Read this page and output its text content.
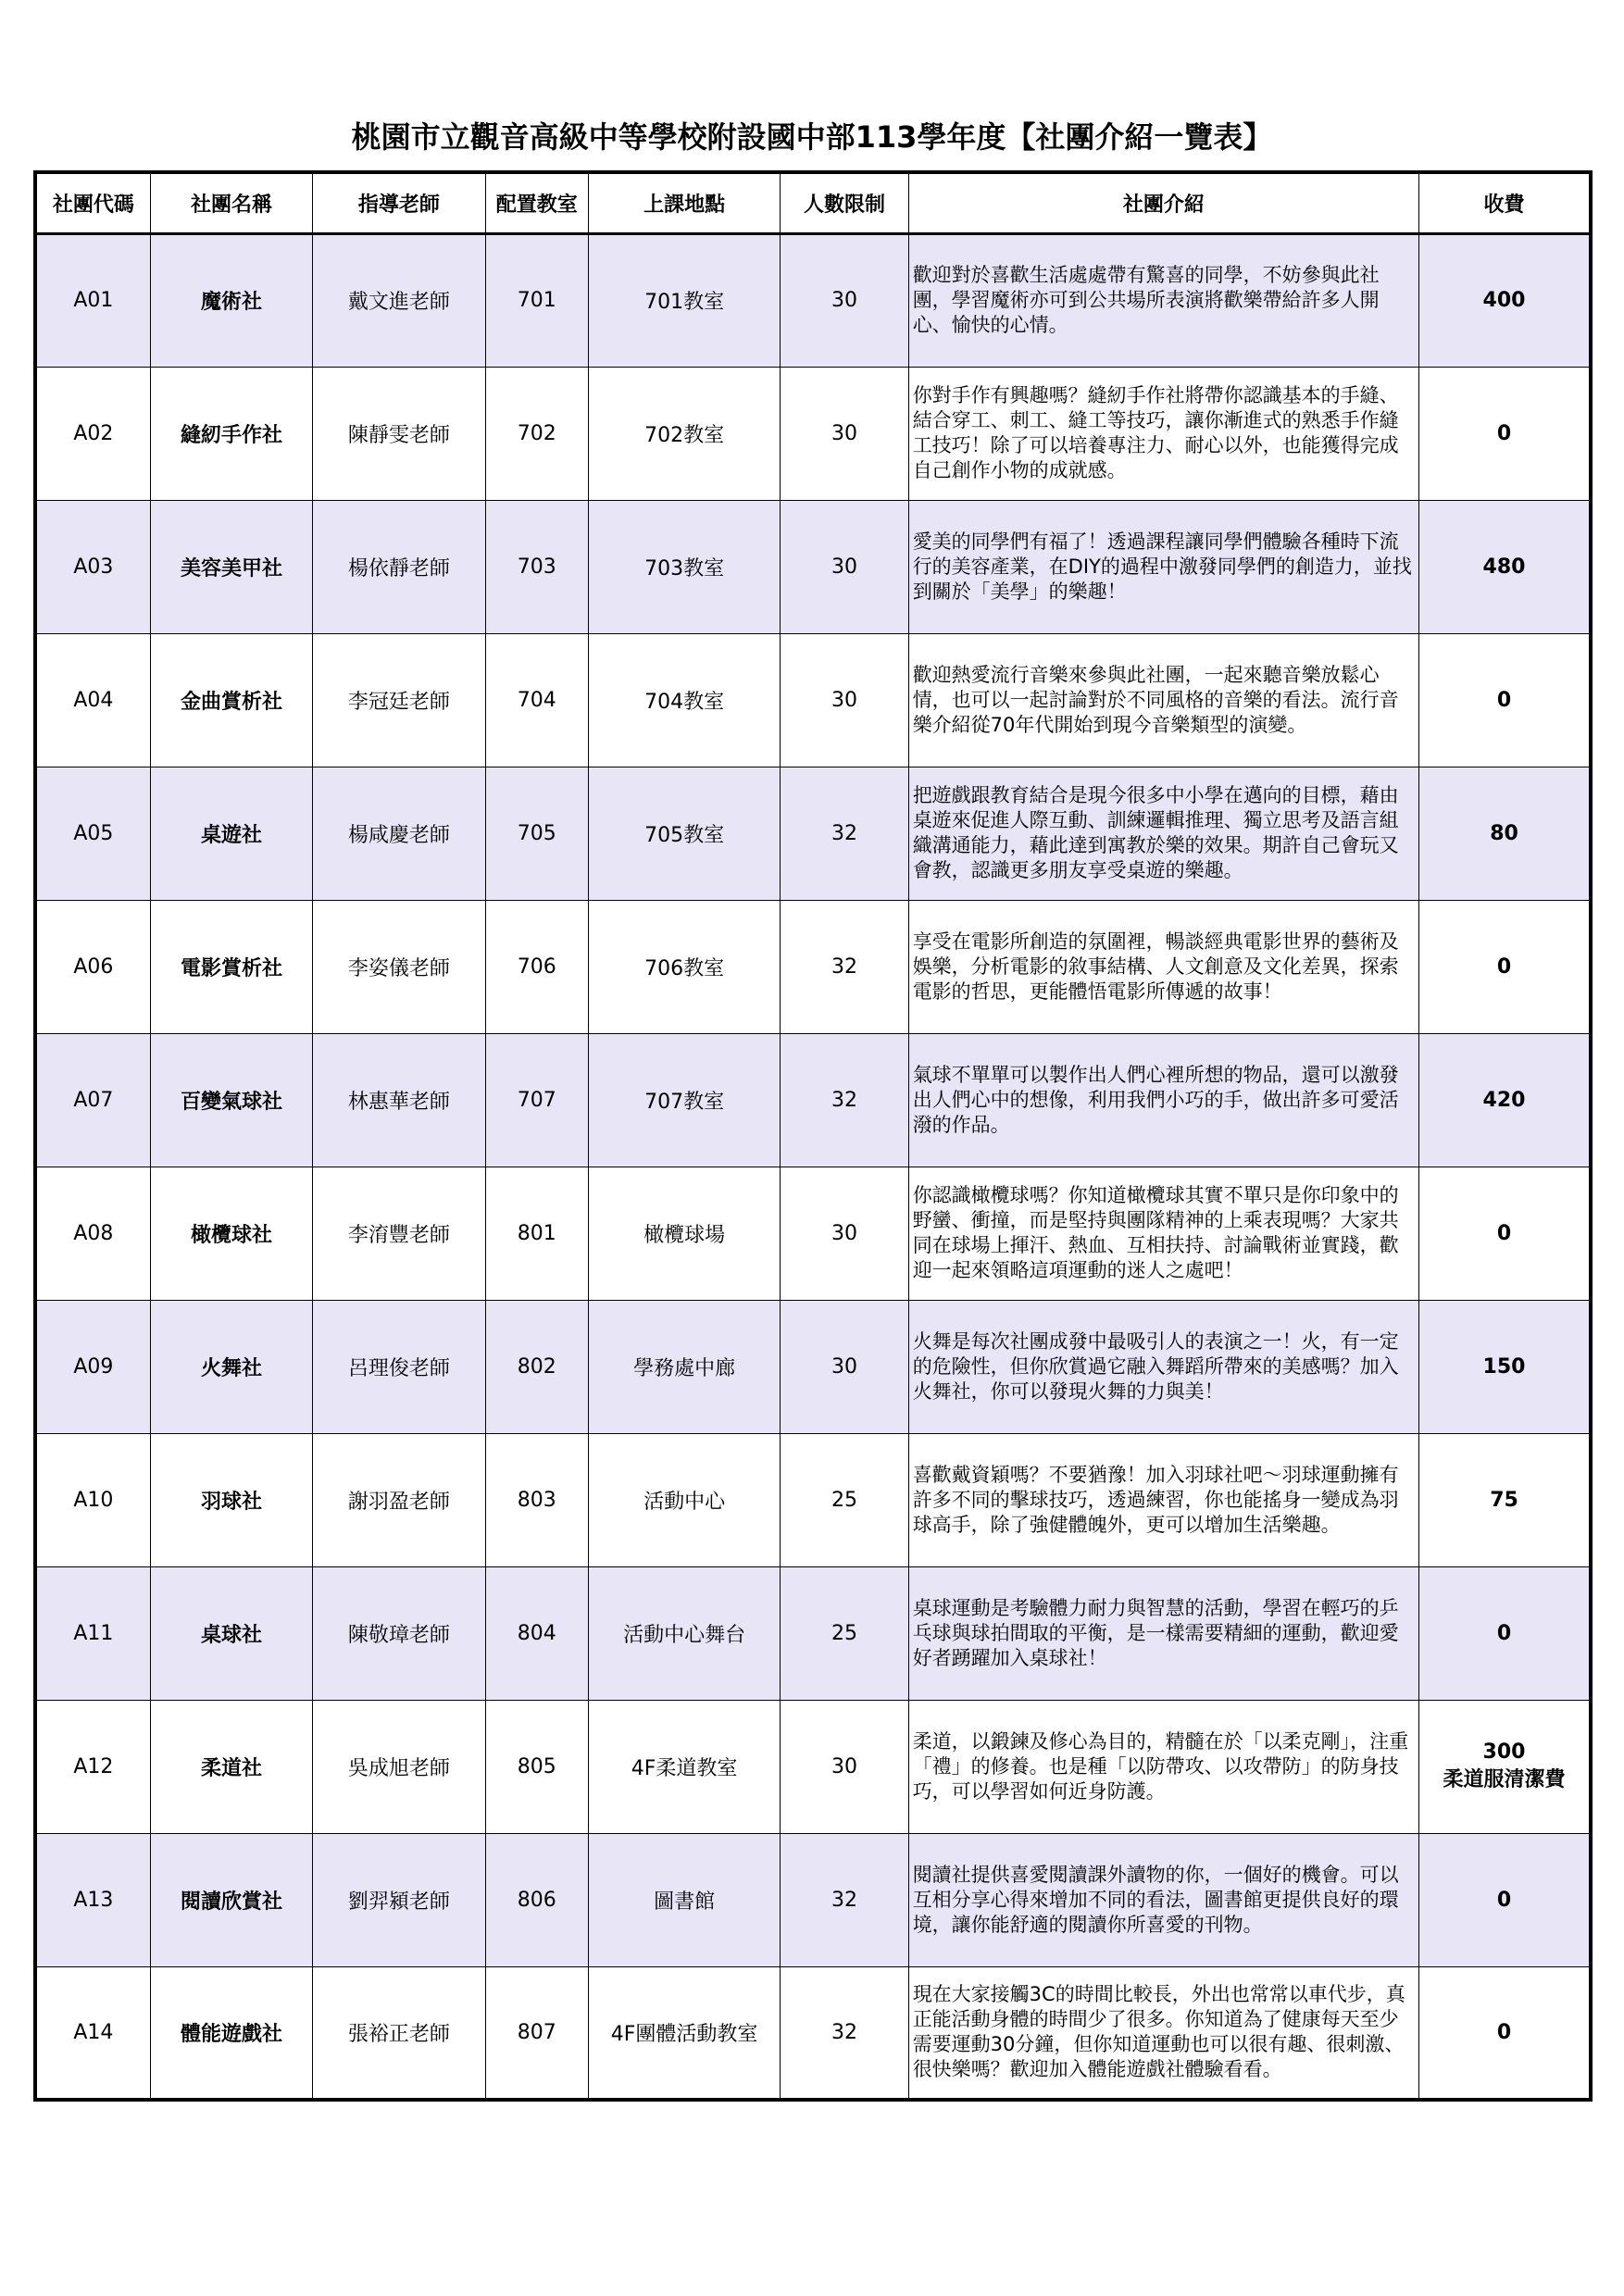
桃園市立觀音高級中等學校附設國中部113學年度【社團介紹一覽表】
社團代碼	社團名稱	指導老師	配置教室	上課地點	人數限制	社團介紹	收費
A01	魔術社	戴文進老師	701	701教室	30	歡迎對於喜歡生活處處帶有驚喜的同學，不妨參與此社團，學習魔術亦可到公共場所表演將歡樂帶給許多人開心、愉快的心情。	400
A02	縫紉手作社	陳靜雯老師	702	702教室	30	你對手作有興趣嗎？縫紉手作社將帶你認識基本的手縫、結合穿工、刺工、縫工等技巧，讓你漸進式的熟悉手作縫工技巧！除了可以培養專注力、耐心以外，也能獲得完成自己創作小物的成就感。	0
A03	美容美甲社	楊依靜老師	703	703教室	30	愛美的同學們有福了！透過課程讓同學們體驗各種時下流行的美容產業，在DIY的過程中激發同學們的創造力，並找到關於「美學」的樂趣！	480
A04	金曲賞析社	李冠廷老師	704	704教室	30	歡迎熱愛流行音樂來參與此社團，一起來聽音樂放鬆心情，也可以一起討論對於不同風格的音樂的看法。流行音樂介紹從70年代開始到現今音樂類型的演變。	0
A05	桌遊社	楊咸慶老師	705	705教室	32	把遊戲跟教育結合是現今很多中小學在邁向的目標，藉由桌遊來促進人際互動、訓練邏輯推理、獨立思考及語言組織溝通能力，藉此達到寓教於樂的效果。期許自己會玩又會教，認識更多朋友享受桌遊的樂趣。	80
A06	電影賞析社	李姿儀老師	706	706教室	32	享受在電影所創造的氛圍裡，暢談經典電影世界的藝術及娛樂，分析電影的敘事結構、人文創意及文化差異，探索電影的哲思，更能體悟電影所傳遞的故事！	0
A07	百變氣球社	林惠華老師	707	707教室	32	氣球不單單可以製作出人們心裡所想的物品，還可以激發出人們心中的想像，利用我們小巧的手，做出許多可愛活潑的作品。	420
A08	橄欖球社	李淯豐老師	801	橄欖球場	30	你認識橄欖球嗎？你知道橄欖球其實不單只是你印象中的野蠻、衝撞，而是堅持與團隊精神的上乘表現嗎？大家共同在球場上揮汗、熱血、互相扶持、討論戰術並實踐，歡迎一起來領略這項運動的迷人之處吧！	0
A09	火舞社	呂理俊老師	802	學務處中廊	30	火舞是每次社團成發中最吸引人的表演之一！火，有一定的危險性，但你欣賞過它融入舞蹈所帶來的美感嗎？加入火舞社，你可以發現火舞的力與美！	150
A10	羽球社	謝羽盈老師	803	活動中心	25	喜歡戴資穎嗎？不要猶豫！加入羽球社吧～羽球運動擁有許多不同的擊球技巧，透過練習，你也能搖身一變成為羽球高手，除了強健體魄外，更可以增加生活樂趣。	75
A11	桌球社	陳敬璋老師	804	活動中心舞台	25	桌球運動是考驗體力耐力與智慧的活動，學習在輕巧的乒乓球與球拍間取的平衡，是一樣需要精細的運動，歡迎愛好者踴躍加入桌球社！	0
A12	柔道社	吳成旭老師	805	4F柔道教室	30	柔道，以鍛鍊及修心為目的，精髓在於「以柔克剛」，注重「禮」的修養。也是種「以防帶攻、以攻帶防」的防身技巧，可以學習如何近身防護。	300
柔道服清潔費

A13	閱讀欣賞社	劉羿潁老師	806	圖書館	32	閱讀社提供喜愛閱讀課外讀物的你，一個好的機會。可以互相分享心得來增加不同的看法，圖書館更提供良好的環境，讓你能舒適的閱讀你所喜愛的刊物。	0
A14	體能遊戲社	張裕正老師	807	4F團體活動教室	32	現在大家接觸3C的時間比較長，外出也常常以車代步，真正能活動身體的時間少了很多。你知道為了健康每天至少需要運動30分鐘，但你知道運動也可以很有趣、很刺激、很快樂嗎？歡迎加入體能遊戲社體驗看看。	0
